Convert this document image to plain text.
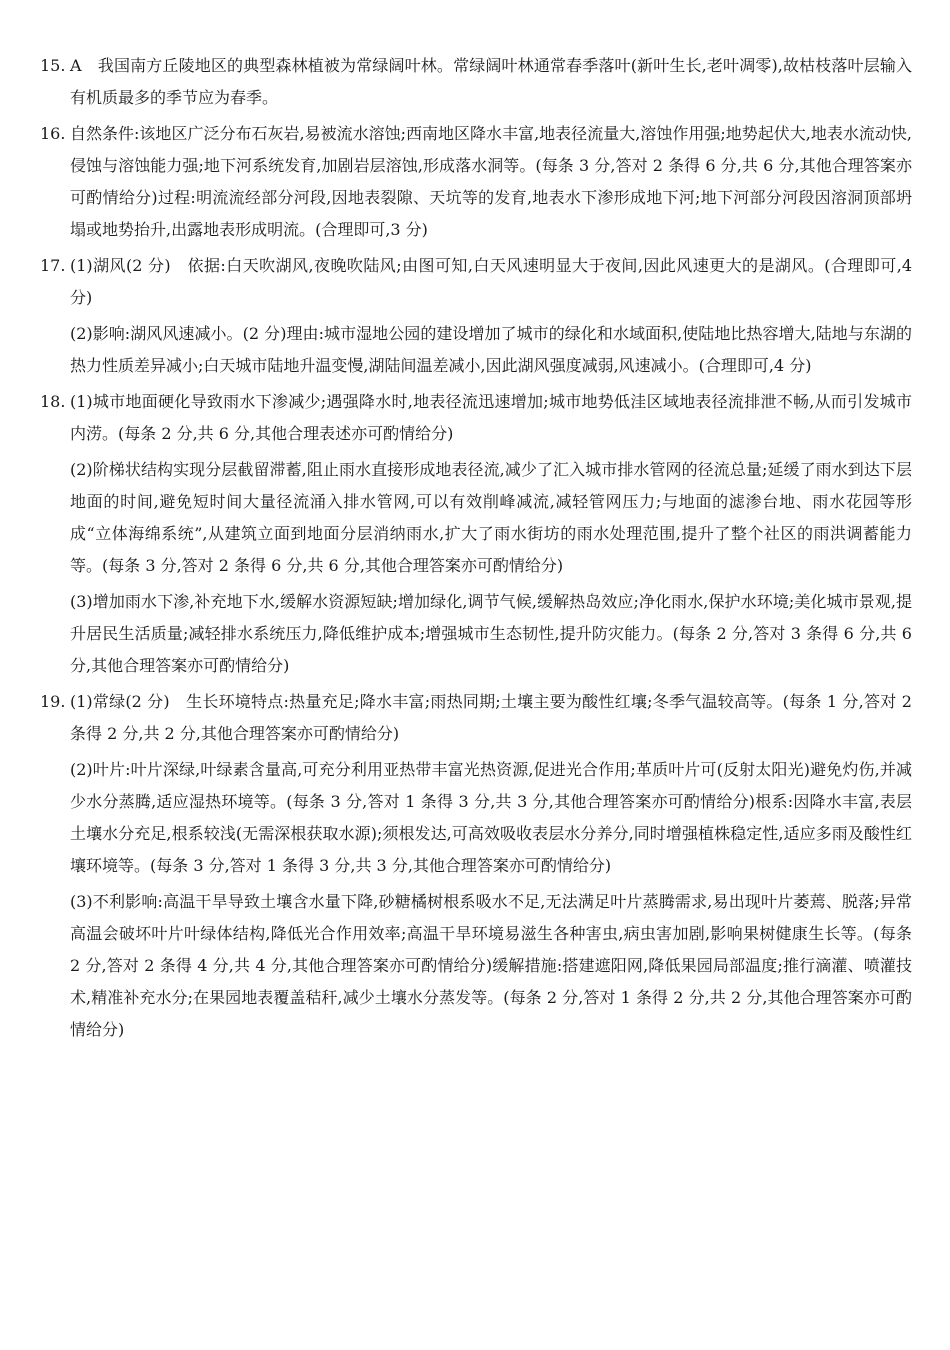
15. A　我国南方丘陵地区的典型森林植被为常绿阔叶林。常绿阔叶林通常春季落叶(新叶生长,老叶凋零),故枯枝落叶层输入有机质最多的季节应为春季。

16. 自然条件:该地区广泛分布石灰岩,易被流水溶蚀;西南地区降水丰富,地表径流量大,溶蚀作用强;地势起伏大,地表水流动快,侵蚀与溶蚀能力强;地下河系统发育,加剧岩层溶蚀,形成落水洞等。(每条 3 分,答对 2 条得 6 分,共 6 分,其他合理答案亦可酌情给分)过程:明流流经部分河段,因地表裂隙、天坑等的发育,地表水下渗形成地下河;地下河部分河段因溶洞顶部坍塌或地势抬升,出露地表形成明流。(合理即可,3 分)

17. (1)湖风(2 分)　依据:白天吹湖风,夜晚吹陆风;由图可知,白天风速明显大于夜间,因此风速更大的是湖风。(合理即可,4 分)

(2)影响:湖风风速减小。(2 分)理由:城市湿地公园的建设增加了城市的绿化和水域面积,使陆地比热容增大,陆地与东湖的热力性质差异减小;白天城市陆地升温变慢,湖陆间温差减小,因此湖风强度减弱,风速减小。(合理即可,4 分)

18. (1)城市地面硬化导致雨水下渗减少;遇强降水时,地表径流迅速增加;城市地势低洼区域地表径流排泄不畅,从而引发城市内涝。(每条 2 分,共 6 分,其他合理表述亦可酌情给分)

(2)阶梯状结构实现分层截留滞蓄,阻止雨水直接形成地表径流,减少了汇入城市排水管网的径流总量;延缓了雨水到达下层地面的时间,避免短时间大量径流涌入排水管网,可以有效削峰减流,减轻管网压力;与地面的滤渗台地、雨水花园等形成“立体海绵系统”,从建筑立面到地面分层消纳雨水,扩大了雨水街坊的雨水处理范围,提升了整个社区的雨洪调蓄能力等。(每条 3 分,答对 2 条得 6 分,共 6 分,其他合理答案亦可酌情给分)

(3)增加雨水下渗,补充地下水,缓解水资源短缺;增加绿化,调节气候,缓解热岛效应;净化雨水,保护水环境;美化城市景观,提升居民生活质量;减轻排水系统压力,降低维护成本;增强城市生态韧性,提升防灾能力。(每条 2 分,答对 3 条得 6 分,共 6 分,其他合理答案亦可酌情给分)

19. (1)常绿(2 分)　生长环境特点:热量充足;降水丰富;雨热同期;土壤主要为酸性红壤;冬季气温较高等。(每条 1 分,答对 2 条得 2 分,共 2 分,其他合理答案亦可酌情给分)

(2)叶片:叶片深绿,叶绿素含量高,可充分利用亚热带丰富光热资源,促进光合作用;革质叶片可(反射太阳光)避免灼伤,并减少水分蒸腾,适应湿热环境等。(每条 3 分,答对 1 条得 3 分,共 3 分,其他合理答案亦可酌情给分)根系:因降水丰富,表层土壤水分充足,根系较浅(无需深根获取水源);须根发达,可高效吸收表层水分养分,同时增强植株稳定性,适应多雨及酸性红壤环境等。(每条 3 分,答对 1 条得 3 分,共 3 分,其他合理答案亦可酌情给分)

(3)不利影响:高温干旱导致土壤含水量下降,砂糖橘树根系吸水不足,无法满足叶片蒸腾需求,易出现叶片萎蔫、脱落;异常高温会破坏叶片叶绿体结构,降低光合作用效率;高温干旱环境易滋生各种害虫,病虫害加剧,影响果树健康生长等。(每条 2 分,答对 2 条得 4 分,共 4 分,其他合理答案亦可酌情给分)缓解措施:搭建遮阳网,降低果园局部温度;推行滴灌、喷灌技术,精准补充水分;在果园地表覆盖秸秆,减少土壤水分蒸发等。(每条 2 分,答对 1 条得 2 分,共 2 分,其他合理答案亦可酌情给分)
